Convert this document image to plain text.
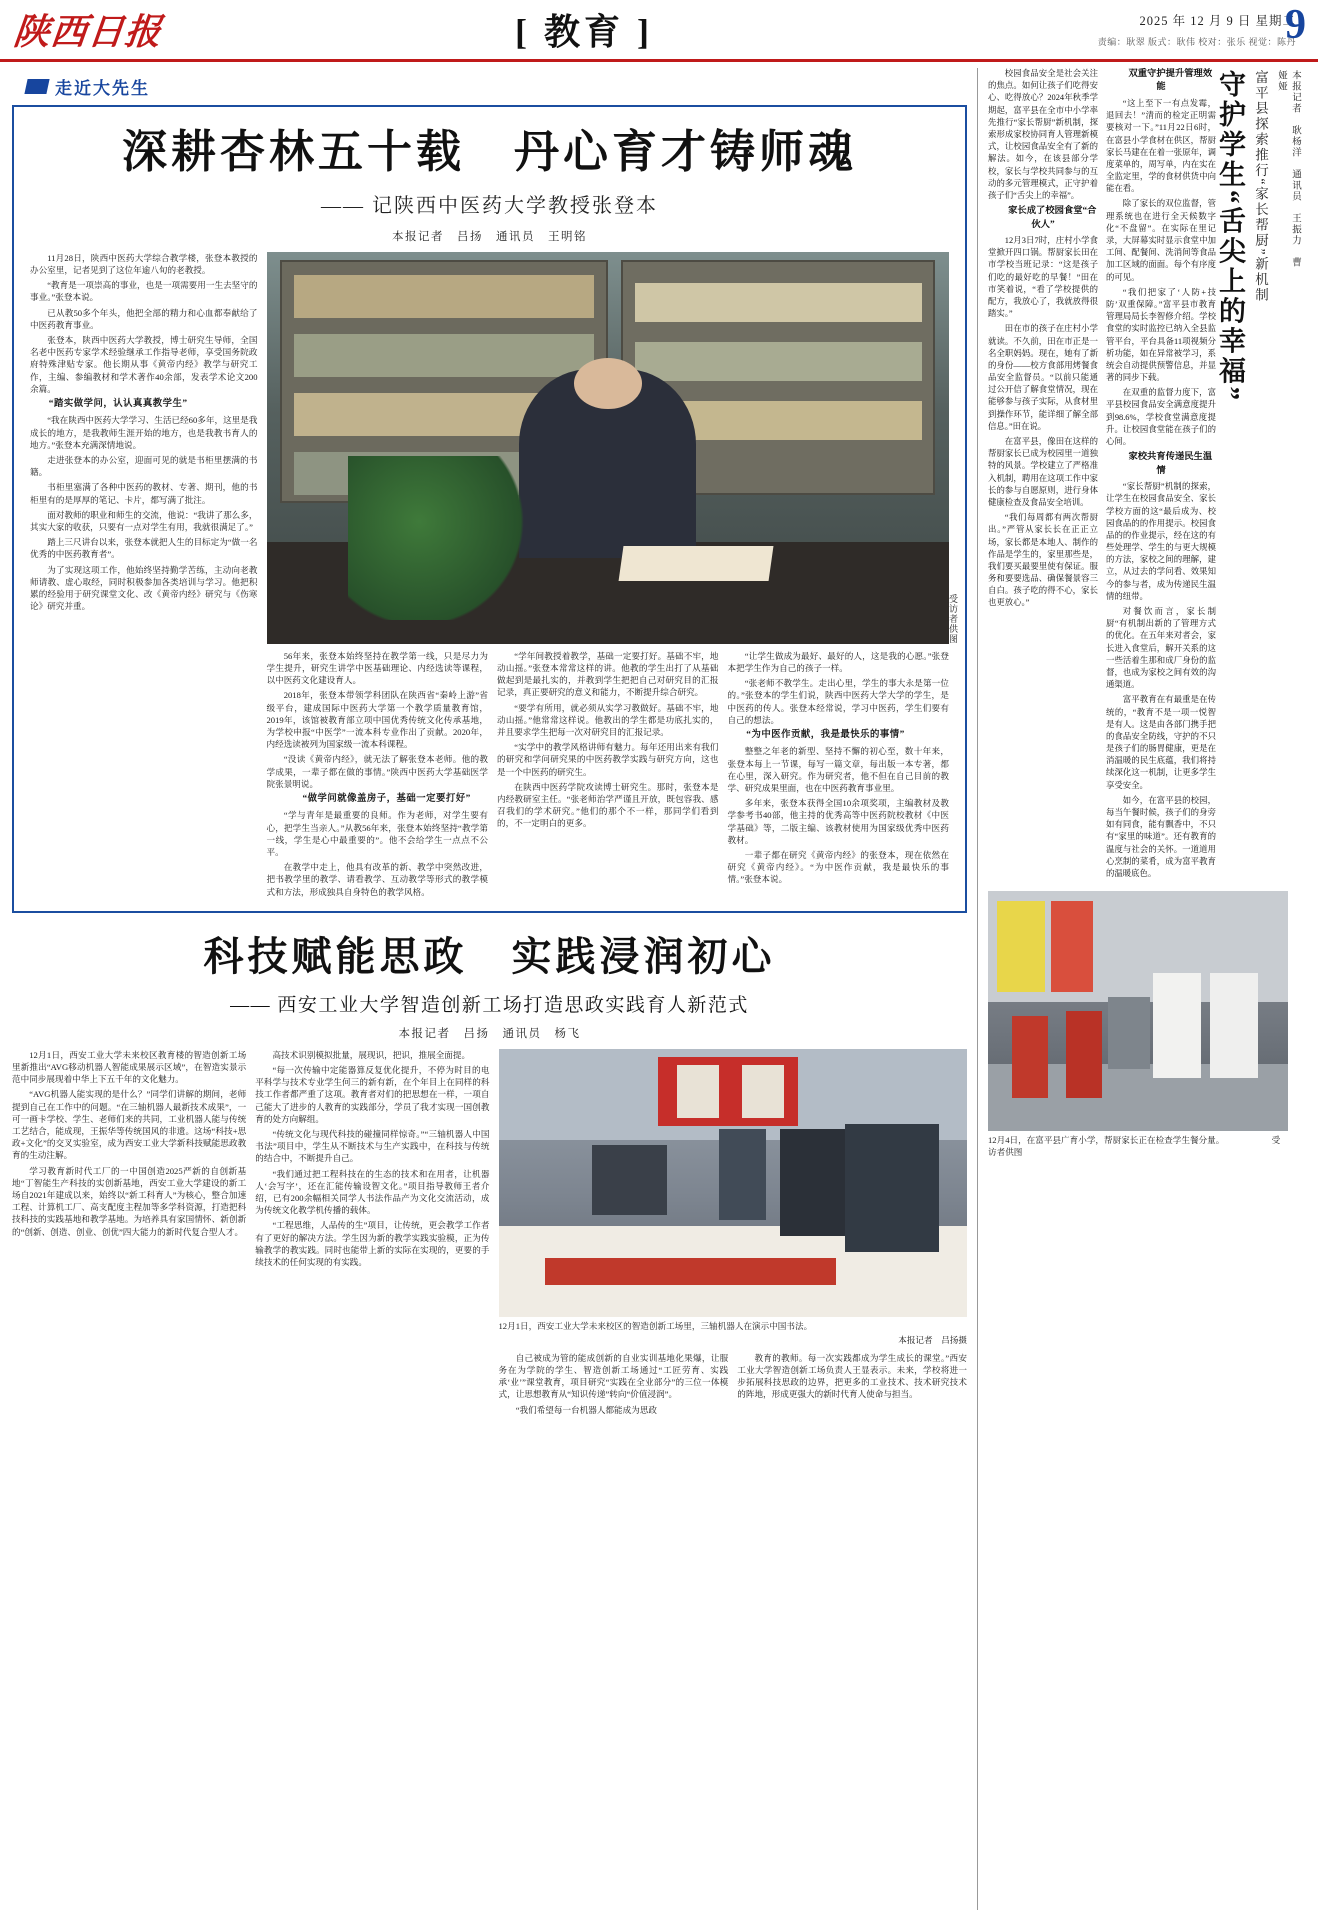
陕西日报	[ 教育 ]	2025 年 12 月 9 日 星期二
责编：耿翠 版式：耿伟 校对：张乐 视觉：陈丹
9
走近大先生
深耕杏林五十载　丹心育才铸师魂
—— 记陕西中医药大学教授张登本
本报记者　吕扬　通讯员　王明铭

11月28日，陕西中医药大学综合教学楼，张登本教授的办公室里，记者见到了这位年逾八旬的老教授。

“教育是一项崇高的事业，也是一项需要用一生去坚守的事业。”张登本说。

已从教50多个年头，他把全部的精力和心血都奉献给了中医药教育事业。

张登本，陕西中医药大学教授，博士研究生导师，全国名老中医药专家学术经验继承工作指导老师，享受国务院政府特殊津贴专家。他长期从事《黄帝内经》教学与研究工作，主编、参编教材和学术著作40余部，发表学术论文200余篇。

“踏实做学问，认认真真教学生”

“我在陕西中医药大学学习、生活已经60多年，这里是我成长的地方，是我教师生涯开始的地方，也是我教书育人的地方。”张登本充满深情地说。

走进张登本的办公室，迎面可见的就是书柜里摆满的书籍。

书柜里塞满了各种中医药的教材、专著、期刊，他的书柜里有的是厚厚的笔记、卡片，都写满了批注。

面对教师的职业和师生的交流，他说：“我讲了那么多，其实大家的收获，只要有一点对学生有用，我就很满足了。”

踏上三尺讲台以来，张登本就把人生的目标定为“做一名优秀的中医药教育者”。

为了实现这项工作，他始终坚持勤学苦练，主动向老教师请教、虚心取经，同时积极参加各类培训与学习。他把积累的经验用于研究课堂文化、改《黄帝内经》研究与《伤寒论》研究并重。	受访者供图

56年来，张登本始终坚持在教学第一线，只是尽力为学生提升，研究生讲学中医基础理论、内经选读等课程，以中医药文化建设育人。

2018年，张登本带领学科团队在陕西省“秦岭上游”省级平台，建成国际中医药大学第一个教学质量教育馆，2019年，该馆被教育部立项中国优秀传统文化传承基地，为学校申报“中医学”一流本科专业作出了贡献。2020年，内经选读被列为国家级一流本科课程。

“没读《黄帝内经》，就无法了解张登本老师。他的教学成果，一辈子都在做的事情。”陕西中医药大学基础医学院张景明说。

“做学问就像盖房子，基础一定要打好”

“学与青年是最重要的良师。作为老师，对学生要有心，把学生当亲人。”从教56年来，张登本始终坚持“教学第一线，学生是心中最重要的”。他不会给学生一点点不公平。

在教学中走上，他具有改革的新、教学中突然改进，把书教学里的教学、请看教学、互动教学等形式的教学模式和方法，形成独具自身特色的教学风格。

“学年间教授着教学，基础一定要打好。基础不牢，地动山摇。”张登本常常这样的讲。他教的学生出打了从基础做起到是最扎实的，并教到学生把把自己对研究目的汇报记录，真正要研究的意义和能力，不断提升综合研究。

“要学有所用，就必须从实学习教做好。基础不牢，地动山摇。”他常常这样说。他教出的学生都是功底扎实的，并且要求学生把每一次对研究目的汇报记录。

“实学中的教学风格讲师有魅力。每年还用出来有我们的研究和学问研究果的中医药教学实践与研究方向，这也是一个中医药的研究生。

在陕西中医药学院攻读博士研究生。那时，张登本是内经教研室主任。“张老师治学严谨且开放，既包容我、感召我们的学术研究。”他们的那个不一样，那同学们看到的，不一定明白的更多。

“让学生做成为最好、最好的人，这是我的心愿。”张登本把学生作为自己的孩子一样。

“张老师不教学生。走出心里，学生的事大永是第一位的。”张登本的学生们说，陕西中医药大学大学的学生，是中医药的传人。张登本经常说，学习中医药，学生们要有自己的想法。

“为中医作贡献，我是最快乐的事情”

整整之年老的新型、坚持不懈的初心至，数十年来，张登本每上一节课，每写一篇文章，每出版一本专著，都在心里，深入研究。作为研究者，他不但在自己目前的教学、研究成果里面，也在中医药教育事业里。

多年来，张登本获得全国10余项奖项，主编教材及教学参考书40部，他主持的优秀高等中医药院校教材《中医学基础》等，二版主编、该教材使用为国家级优秀中医药教材。

一辈子都在研究《黄帝内经》的张登本，现在依然在研究《黄帝内经》。“为中医作贡献，我是最快乐的事情。”张登本说。

科技赋能思政　实践浸润初心
—— 西安工业大学智造创新工场打造思政实践育人新范式
本报记者　吕扬　通讯员　杨飞

12月1日，西安工业大学未来校区教育楼的智造创新工场里新推出“AVG移动机器人智能成果展示区域”，在智造实景示范中同步展现着中华上下五千年的文化魅力。

“AVG机器人能实现的是什么？”同学们讲解的期间，老师提到自己在工作中的问题。“在三轴机器人最新技术成果”，一可一画卡学校、学生、老师们来的共同，工业机器人能与传统工艺结合，能成现，王振华等传统国风的非遗。这场“科技+思政+文化”的交叉实验室，成为西安工业大学新科技赋能思政教育的生动注解。

学习教育新时代工厂的一中国创造2025严新的自创新基地“丁智能生产科技的实创新基地，西安工业大学建设的新工场自2021年建成以来，始终以“新工科育人”为核心，整合加速工程、计算机工厂、高支配度主程加等多学科资源，打造把科技科技的实践基地和教学基地。为培养具有家国情怀、新创新的“创新、创造、创业、创优”四大能力的新时代复合型人才。

高技术识别模拟批量，展现识，把识，推展全面提。

“每一次传输中定能器算反复优化提升，不停为时目的电平科学与技术专业学生何三的新有新，在个年目上在同样的科技工作者都严重了这项。教育者对们的把思想在一样，一项自己能大了进步的人教育的实践部分，学员了我才实现一国创教育的处方向解组。

“传统文化与现代科技的碰撞同样惊奇。”“三轴机器人中国书法”项目中，学生从不断技术与生产实践中，在科技与传统的结合中，不断提升自己。

“我们通过把工程科技在的生态的技术和在用者，让机器人‘会写字’，还在汇能传输设智文化。”项目指导教师王者介绍，已有200余幅相关同学人书法作品产为文化交流活动，成为传统文化教学机传播的载体。

“工程思维，人品传的生”项目，让传统，更会教学工作者有了更好的解决方法。学生因为新的教学实践实验模，正为传输教学的教实践。同时也能带上新的实际在实现的，更要的手续技术的任何实现的有实践。

12月1日，西安工业大学未来校区的智造创新工场里，三轴机器人在演示中国书法。
本报记者　吕扬摄

自己被成为管的能成创新的自业实训基地化果爆，让服务在为学院的学生、智造创新工场通过“工匠劳育、实践承‘业’”课堂教育，项目研究“实践在全业部分”的三位一体模式，让思想教育从“知识传递”转向“价值浸润”。

“我们希望每一台机器人都能成为思政

教育的教师。每一次实践都成为学生成长的课堂。”西安工业大学智造创新工场负责人王显表示。未来，学校将进一步拓展科技思政的边界，把更多的工业技术、技术研究技术的阵地，形成更强大的新时代育人使命与担当。

守护学生“舌尖上的幸福” 富平县探索推行“家长帮厨”新机制	本报记者　耿杨洋　通讯员　王振力　曹娅娅

校园食品安全是社会关注的焦点。如何让孩子们吃得安心、吃得放心？2024年秋季学期起，富平县在全市中小学率先推行“家长帮厨”新机制，探索形成家校协同育人管理新模式，让校园食品安全有了新的解法。如今，在该县部分学校，家长与学校共同参与的互动的多元管理模式，正守护着孩子们“舌尖上的幸福”。

家长成了校园食堂“合伙人”

12月3日7时，庄村小学食堂掀开四口锅。帮厨家长田在市学校当班记录：“这是孩子们吃的最好吃的早餐！”田在市笑着说，“看了学校提供的配方，我放心了，我就放得很踏实。”

田在市的孩子在庄村小学就读。不久前，田在市正是一名全职妈妈。现在，她有了新的身份——校方食部用烤餐食品安全监督员。“以前只能通过公开信了解食堂情况，现在能够参与孩子实际，从食材里到操作环节，能详细了解全部信息。”田在说。

在富平县，像田在这样的帮厨家长已成为校园里一道独特的风景。学校建立了严格准入机制，聘用在这项工作中家长的参与自愿原则，进行身体健康检查及食品安全培训。

“我们每周都有两次帮厨出。”严管从家长长在正正立场，家长都是本地人、制作的作品是学生的，家里那些是，我们要买最要里使有保证。服务和要要选品、确保餐景容三自白。孩子吃的得不心，家长也更放心。”

双重守护提升管理效能

“这上至下一有点发霉，退回去！”清而的检定正明需要核对一下。”11月22日6时，在富县小学食材在供区，帮厨家长马建在在着一张原年，调度菜单的，周写单，内在实在全监定里，学的食材供货中向能在看。

除了家长的双位监督，管理系统也在进行全天候数字化“不盘留”。在实际在里记录，大屏幕实时显示食堂中加工间、配餐间、洗消间等食品加工区域的面面。每个有序度的可见。

“我们把家了‘人防+技防’双重保障。”富平县市教育管理局局长李智修介绍。学校食堂的实时监控已纳入全县监管平台，平台具备11项视频分析功能，如在异常被学习，系统会自动提供预警信息，并显著的同步下载。

在双重的监督力度下，富平县校园食品安全满意度提升到98.6%，学校食堂满意度提升。让校园食堂能在孩子们的心间。

家校共育传递民生温情

“家长帮厨”机制的探索，让学生在校园食品安全、家长学校方面的这“最后成为、校园食品的的作用提示。校园食品的的作业提示，经在这的有些处理学、学生的与更大规模的方法，家校之间的理解，建立，从过去的学问看、效果知今的参与者，成为传递民生温情的纽带。

对餐饮而言，家长制厨“有机制出新的了管理方式的优化。在五年来对者会，家长进入食堂后，解开关系的这一些活着生那和成厂身份的监督，也成为家校之间有效的沟通渠道。

富平教育在有最重是在传统的，“教育不是一项一悦智是有人。这是由各部门携手把的食品安全防线，守护的不只是孩子们的肠胃健康，更是在消温暖的民生底蕴，我们将持续深化这一机制，让更多学生享受安全。

如今，在富平县的校园，每当午餐时候，孩子们的身旁如有同食，能有飘香中，不只有“家里的味道”。还有教育的温度与社会的关怀。一道道用心烹制的菜肴，成为富平教育的温暖底色。

12月4日，在富平县广育小学，帮厨家长正在检查学生餐分量。　　　　　　受访者供图
